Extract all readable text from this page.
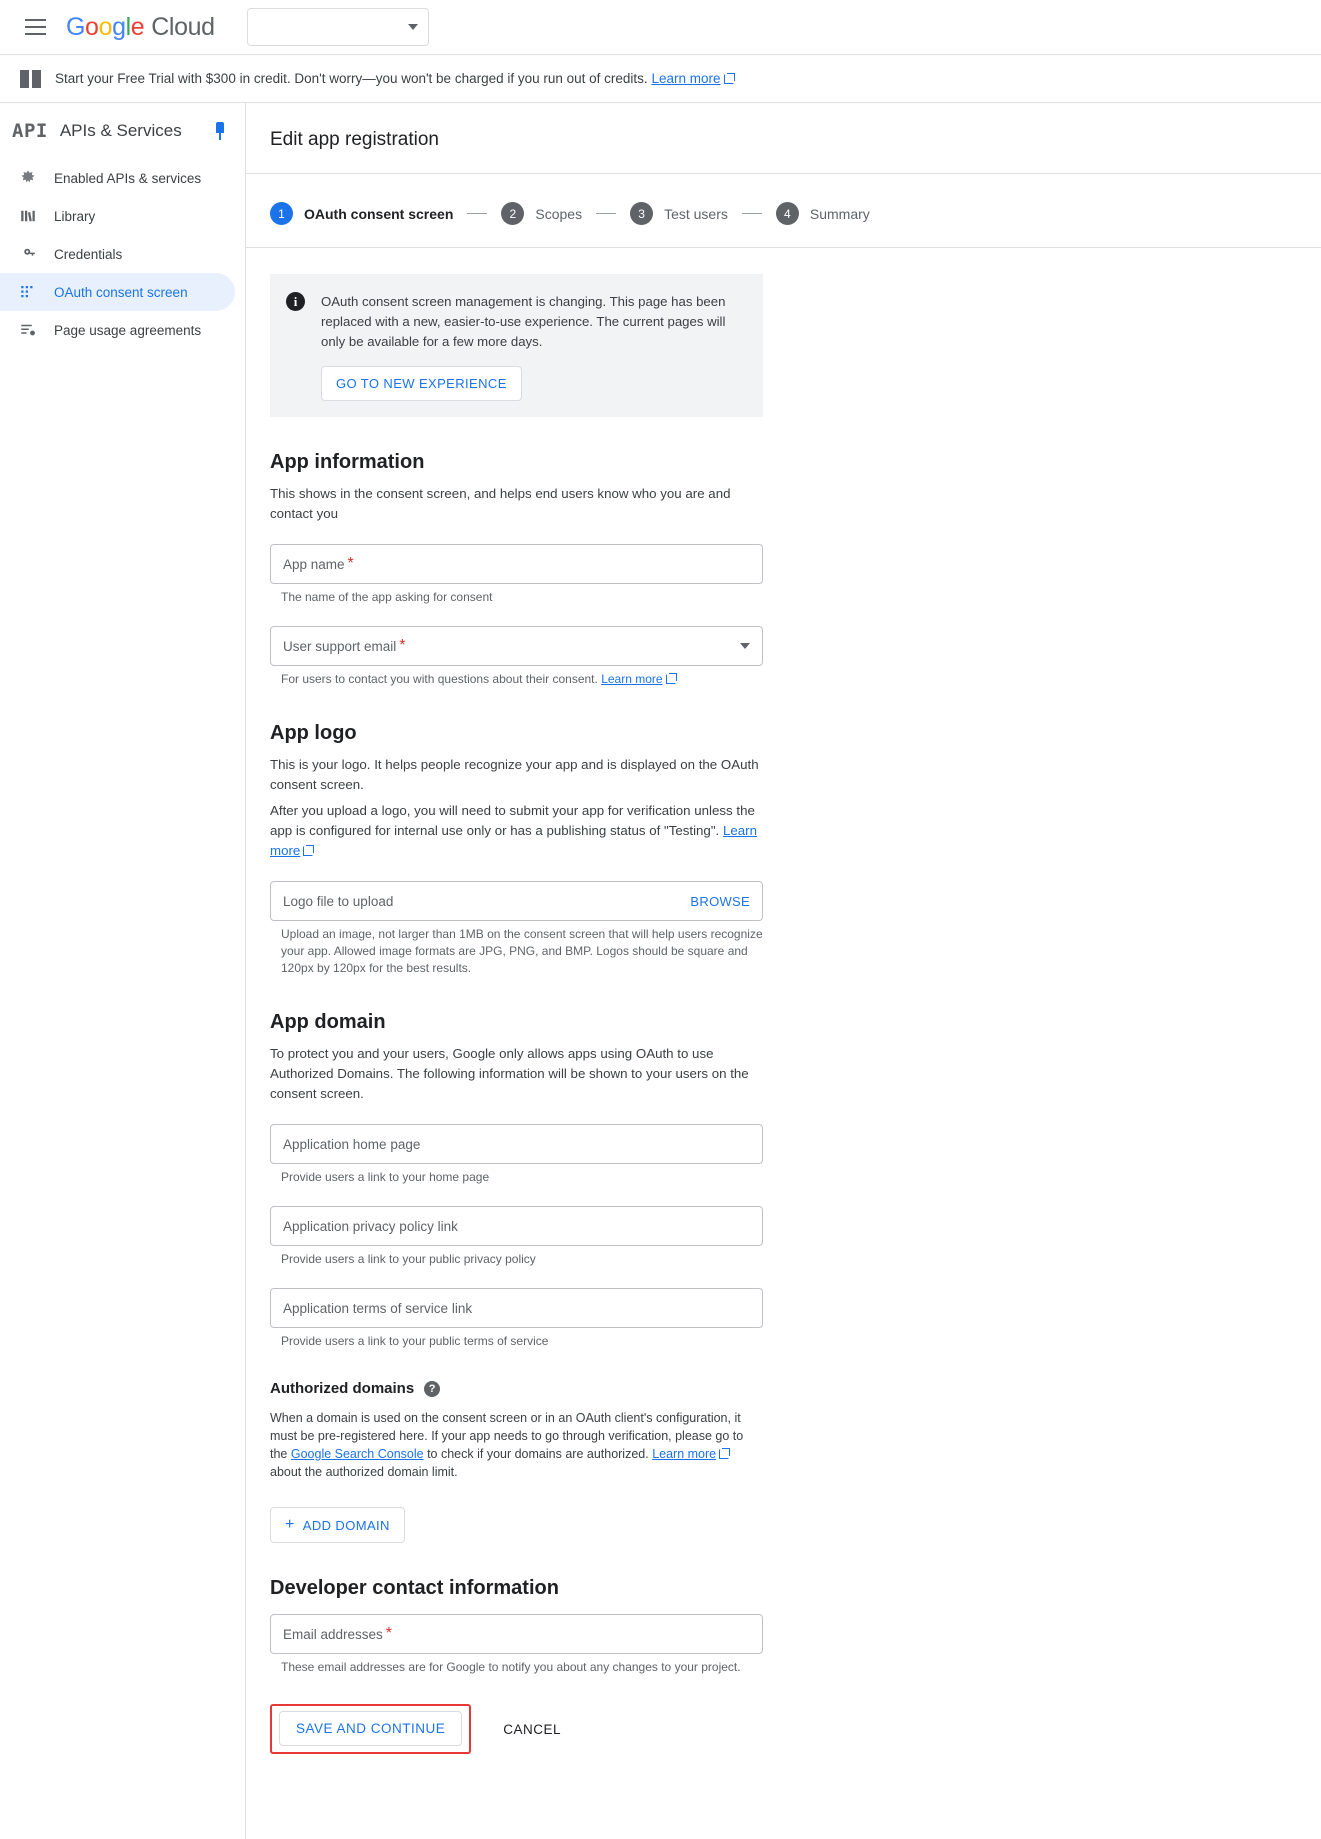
Google Cloud
Start your Free Trial with $300 in credit. Don't worry—you won't be charged if you run out of credits. Learn more
API APIs & Services
Enabled APIs & services
Library
Credentials
OAuth consent screen
Page usage agreements
Edit app registration
1	OAuth consent screen	2	Scopes	3	Test users	4	Summary
i	OAuth consent screen management is changing. This page has been replaced with a new, easier-to-use experience. The current pages will only be available for a few more days.
GO TO NEW EXPERIENCE
App information

This shows in the consent screen, and helps end users know who you are and contact you

App name *
The name of the app asking for consent
User support email *
For users to contact you with questions about their consent. Learn more
App logo

This is your logo. It helps people recognize your app and is displayed on the OAuth consent screen.

After you upload a logo, you will need to submit your app for verification unless the app is configured for internal use only or has a publishing status of "Testing". Learn more

Logo file to upload	BROWSE
Upload an image, not larger than 1MB on the consent screen that will help users recognize your app. Allowed image formats are JPG, PNG, and BMP. Logos should be square and 120px by 120px for the best results.
App domain

To protect you and your users, Google only allows apps using OAuth to use Authorized Domains. The following information will be shown to your users on the consent screen.

Application home page
Provide users a link to your home page
Application privacy policy link
Provide users a link to your public privacy policy
Application terms of service link
Provide users a link to your public terms of service
Authorized domains	?

When a domain is used on the consent screen or in an OAuth client's configuration, it must be pre-registered here. If your app needs to go through verification, please go to the Google Search Console to check if your domains are authorized. Learn more about the authorized domain limit.

+ ADD DOMAIN
Developer contact information
Email addresses *
These email addresses are for Google to notify you about any changes to your project.
SAVE AND CONTINUE	CANCEL
